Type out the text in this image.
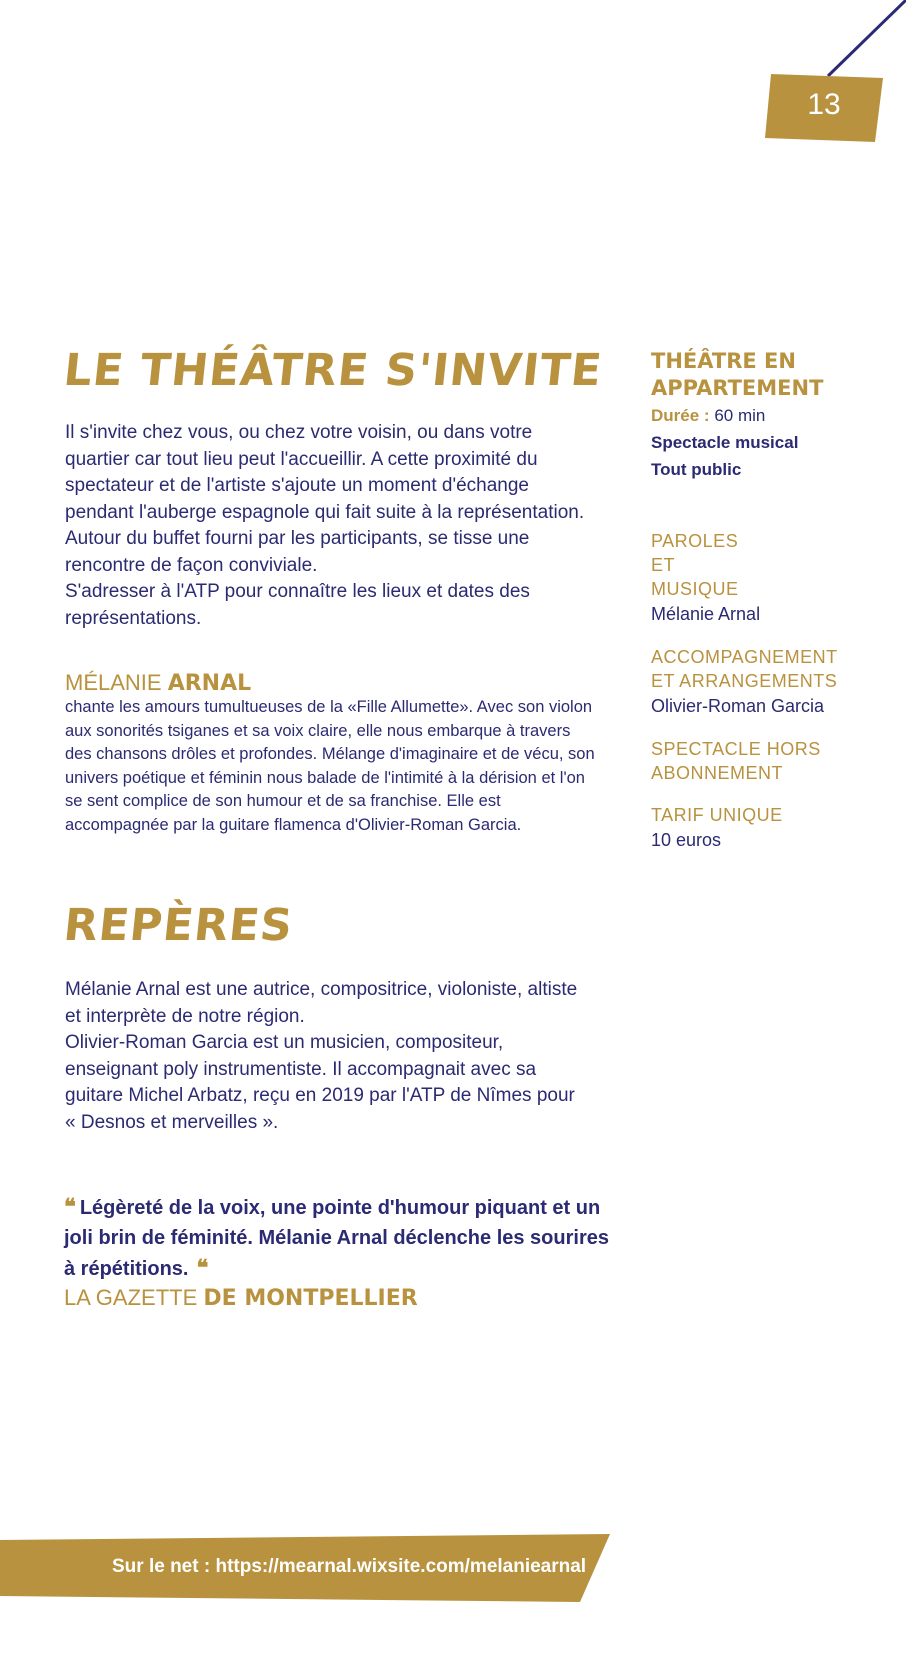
13
LE THÉÂTRE S'INVITE

Il s'invite chez vous, ou chez votre voisin, ou dans votre quartier car tout lieu peut l'accueillir. A cette proximité du spectateur et de l'artiste s'ajoute un moment d'échange pendant l'auberge espagnole qui fait suite à la représentation. Autour du buffet fourni par les participants, se tisse une rencontre de façon conviviale.

S'adresser à l'ATP pour connaître les lieux et dates des représentations.

MÉLANIE ARNAL
chante les amours tumultueuses de la «Fille Allumette». Avec son violon aux sonorités tsiganes et sa voix claire, elle nous embarque à travers des chansons drôles et profondes. Mélange d'imaginaire et de vécu, son univers poétique et féminin nous balade de l'intimité à la dérision et l'on se sent complice de son humour et de sa franchise. Elle est accompagnée par la guitare flamenca d'Olivier-Roman Garcia.
REPÈRES

Mélanie Arnal est une autrice, compositrice, violoniste, altiste et interprète de notre région.

Olivier-Roman Garcia est un musicien, compositeur, enseignant poly instrumentiste. Il accompagnait avec sa guitare Michel Arbatz, reçu en 2019 par l'ATP de Nîmes pour « Desnos et merveilles ».

❝ Légèreté de la voix, une pointe d'humour piquant et un joli brin de féminité. Mélanie Arnal déclenche les sourires à répétitions. ❝
LA GAZETTE DE MONTPELLIER

THÉÂTRE EN APPARTEMENT

Durée : 60 min

Spectacle musical

Tout public

PAROLES ET MUSIQUE

Mélanie Arnal

ACCOMPAGNEMENT ET ARRANGEMENTS

Olivier-Roman Garcia

SPECTACLE HORS ABONNEMENT

TARIF UNIQUE

10 euros

Sur le net : https://mearnal.wixsite.com/melaniearnal
